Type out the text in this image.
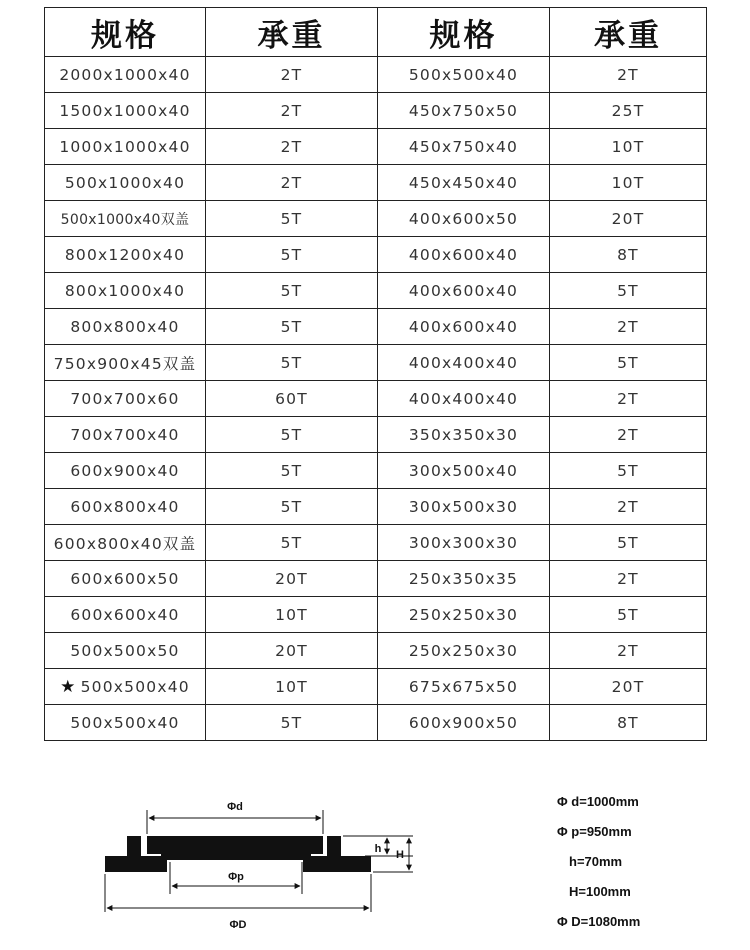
规格	承重	规格	承重
2000x1000x40	2T	500x500x40	2T
1500x1000x40	2T	450x750x50	25T
1000x1000x40	2T	450x750x40	10T
500x1000x40	2T	450x450x40	10T
500x1000x40双盖	5T	400x600x50	20T
800x1200x40	5T	400x600x40	8T
800x1000x40	5T	400x600x40	5T
800x800x40	5T	400x600x40	2T
750x900x45双盖	5T	400x400x40	5T
700x700x60	60T	400x400x40	2T
700x700x40	5T	350x350x30	2T
600x900x40	5T	300x500x40	5T
600x800x40	5T	300x500x30	2T
600x800x40双盖	5T	300x300x30	5T
600x600x50	20T	250x350x35	2T
600x600x40	10T	250x250x30	5T
500x500x50	20T	250x250x30	2T
★ 500x500x40	10T	675x675x50	20T
500x500x40	5T	600x900x50	8T
Φd
Φp
ΦD
h H
Φ d=1000mm
Φ p=950mm
h=70mm
H=100mm
Φ D=1080mm
